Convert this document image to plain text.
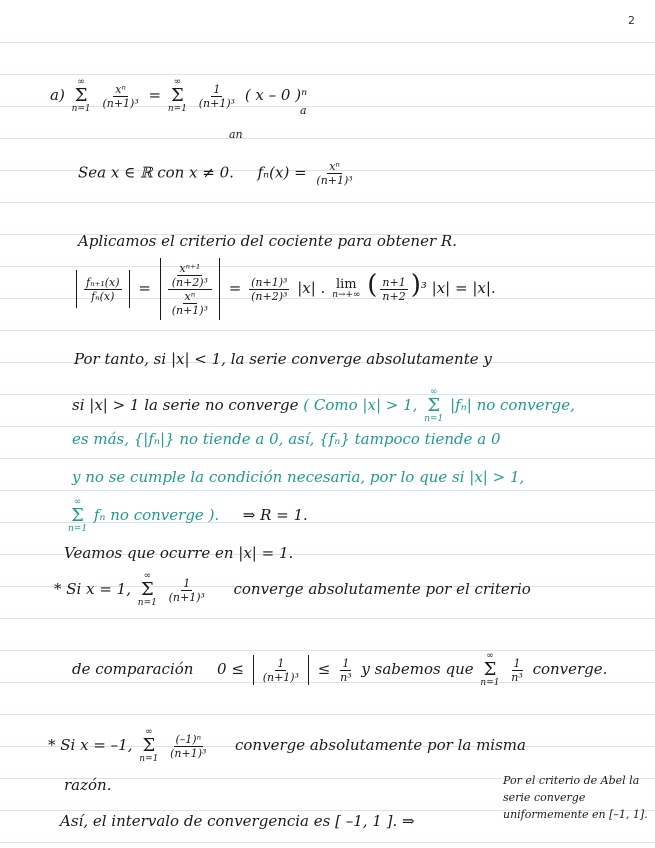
2
a)
∞
Σ
n=1
$\frac{\text{xⁿ}}{\text{(n+1)³}}$ =
∞
Σ
n=1
$\frac{1}{\text{(n+1)³}}$ ( x – 0 )ⁿ
an
a
Sea x ∈ ℝ con x ≠ 0. $f_n(x) = \frac{\text{xⁿ}}{\text{(n+1)³}}$
Aplicamos el criterio del cociente para obtener R.
$\frac{\text{fₙ₊₁(x)}}{\text{fₙ(x)}} = \frac{\frac{\text{xⁿ⁺¹}}{\text{(n+2)³}}}{\frac{\text{xⁿ}}{\text{(n+1)³}}} = \frac{\text{(n+1)³}}{\text{(n+2)³}} |x|$ . lim
n→+∞ ( $\frac{n+1}{n+2} )^3$ |x| = |x|.
Por tanto, si |x| < 1, la serie converge absolutamente y
si |x| > 1 la serie no converge ( Como |x| > 1,
∞
Σ
n=1
|fₙ| no converge,
es más, {|fₙ|} no tiende a 0, así, {fₙ} tampoco tiende a 0
y no se cumple la condición necesaria, por lo que si |x| > 1,
∞
Σ
n=1
fₙ no converge ). ⇒ R = 1.
Veamos que ocurre en |x| = 1.
* Si x = 1,
∞
Σ
n=1
$\frac{1}{\text{(n+1)³}}$ converge absolutamente por el criterio
de comparación $0 \le \frac{1}{\text{(n+1)³}} \le \frac{1}{\text{n³}}$ y sabemos que
∞
Σ
n=1
$\frac{1}{\text{n³}}$ converge.
* Si x = –1,
∞
Σ
n=1
$\frac{\text{(–1)ⁿ}}{\text{(n+1)³}}$ converge absolutamente por la misma
razón.
Así, el intervalo de convergencia es [ –1, 1 ]. ⇒
Por el criterio de Abel la serie converge uniformemente en [–1, 1].
